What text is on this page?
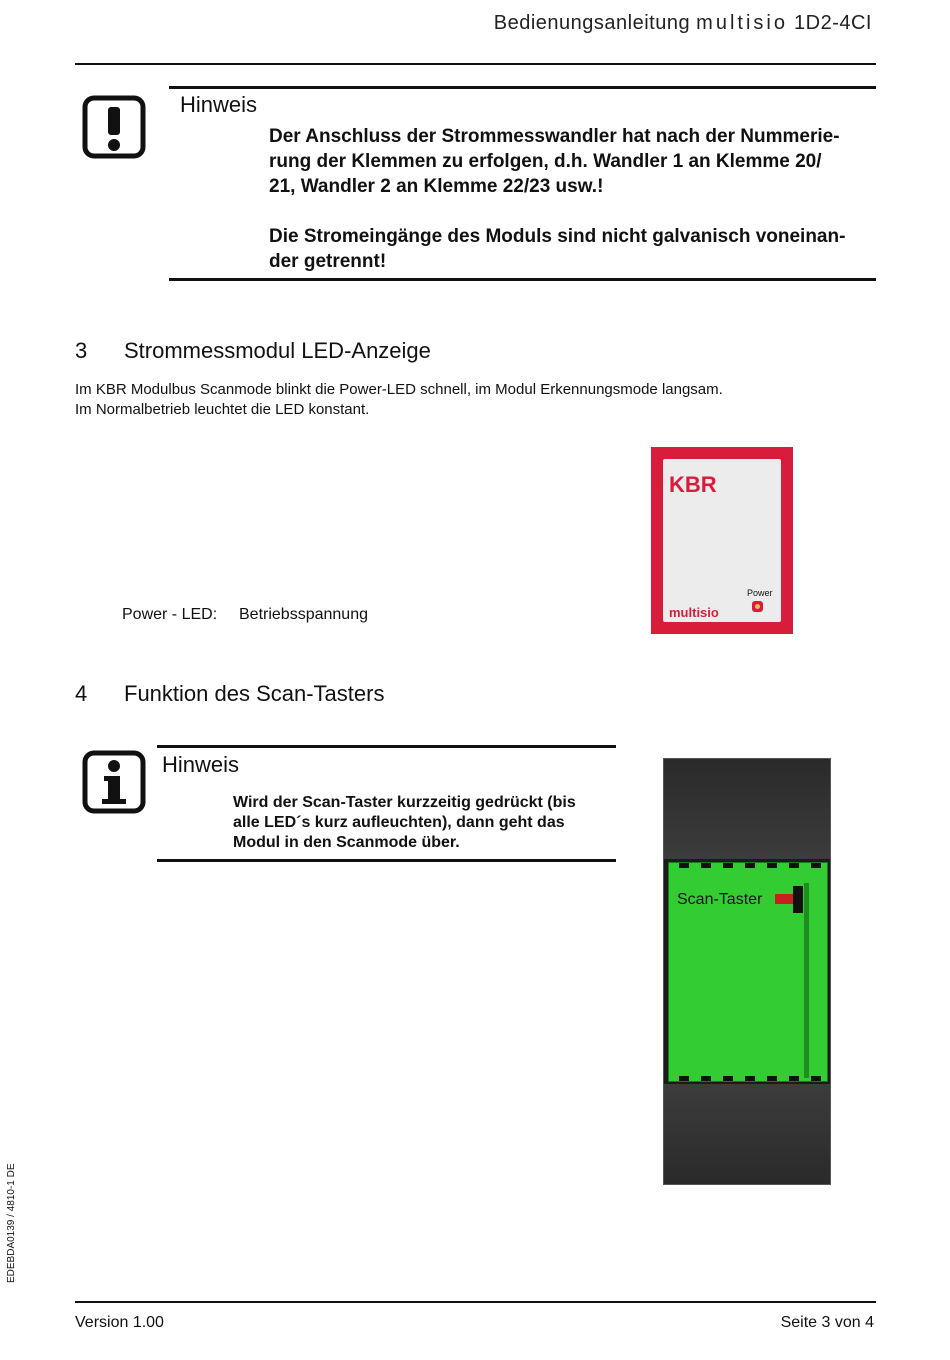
Bedienungsanleitung multisio 1D2-4CI
Hinweis
Der Anschluss der Strommesswandler hat nach der Nummerie-
rung der Klemmen zu erfolgen, d.h. Wandler 1 an Klemme 20/
21, Wandler 2 an Klemme 22/23 usw.!
Die Stromeingänge des Moduls sind nicht galvanisch voneinan-
der getrennt!
3 Strommessmodul LED-Anzeige
Im KBR Modulbus Scanmode blinkt die Power-LED schnell, im Modul Erkennungsmode langsam.
Im Normalbetrieb leuchtet die LED konstant.
Power - LED: Betriebsspannung
KBR
Power
multisio
4 Funktion des Scan-Tasters
Hinweis
Wird der Scan-Taster kurzzeitig gedrückt (bis
alle LED´s kurz aufleuchten), dann geht das
Modul in den Scanmode über.
Scan-Taster
EDEBDA0139 / 4810-1 DE
Version 1.00	Seite 3 von 4
